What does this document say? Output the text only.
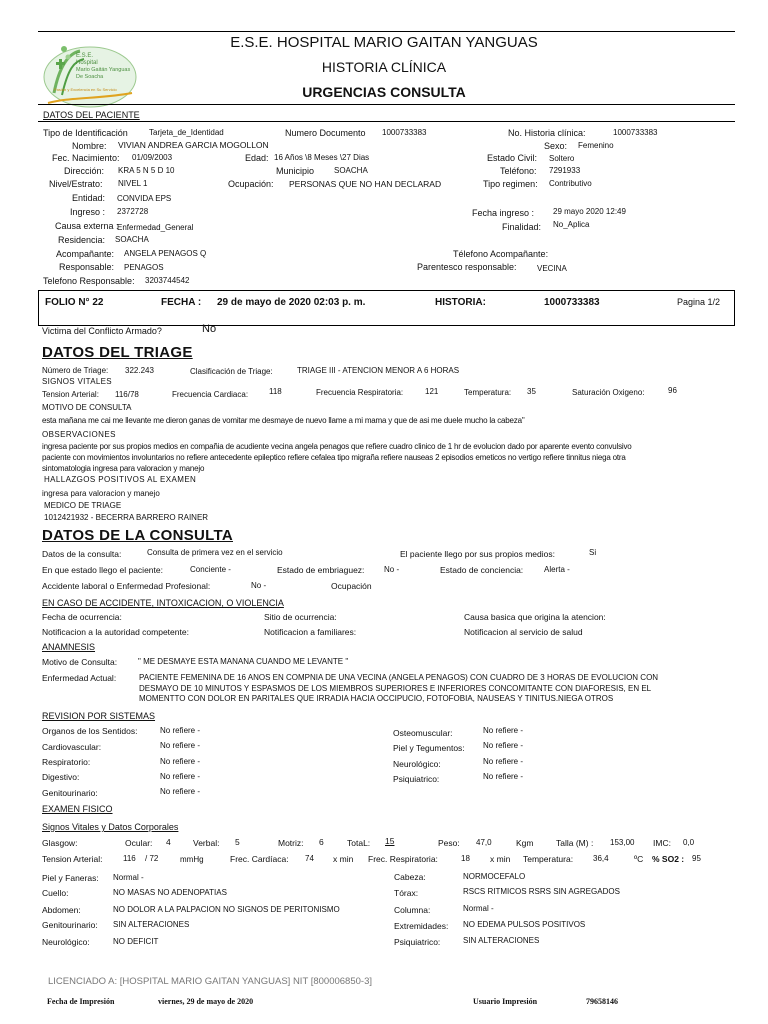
E.S.E.
Hospital
Mario Gaitán Yanguas
De Soacha
Pasión y Excelencia en Su Servicio
E.S.E. HOSPITAL MARIO GAITAN YANGUAS
HISTORIA CLÍNICA
URGENCIAS CONSULTA
DATOS DEL PACIENTE
Tipo de Identificación	Tarjeta_de_Identidad	Numero Documento 1000733383	No. Historia clínica:	1000733383
Nombre: VIVIAN ANDREA GARCIA MOGOLLON	Sexo: Femenino
Fec. Nacimiento: 01/09/2003	Edad: 16 Años \8 Meses \27 Dias	Estado Civil: Soltero
Dirección: KRA 5 N 5 D 10	Municipio SOACHA	Teléfono: 7291933
Nivel/Estrato: NIVEL 1	Ocupación: PERSONAS QUE NO HAN DECLARAD	Tipo regimen: Contributivo
Entidad: CONVIDA EPS
Ingreso : 2372728	Fecha ingreso : 29 mayo 2020 12:49
Causa externa :
Enfermedad_General	Finalidad: No_Aplica
Residencia: SOACHA
Acompañante: ANGELA PENAGOS Q	Télefono Acompañante:
Responsable: PENAGOS	Parentesco responsable:	VECINA
Telefono Responsable: 3203744542
FOLIO N° 22	FECHA : 29 de mayo de 2020 02:03 p. m.	HISTORIA:	1000733383	Pagina 1/2
Victima del Conflicto Armado?	No
DATOS DEL TRIAGE
Número de Triage: 322.243	Clasificación de Triage:	TRIAGE III - ATENCION MENOR A 6 HORAS
SIGNOS VITALES
Tension Arterial: 116/78	Frecuencia Cardiaca:	118	Frecuencia Respiratoria:	121	Temperatura: 35	Saturación Oxigeno:	96
MOTIVO DE CONSULTA
esta mañana me cai me llevante me dieron ganas de vomitar me desmaye de nuevo llame a mi mama y que de asi me duele mucho la cabeza"
OBSERVACIONES
ingresa paciente por sus propios medios en compañia de acudiente vecina angela penagos que refiere cuadro clinico de 1 hr de evolucion dado por aparente evento convulsivo
paciente con movimientos involuntarios no refiere antecedente epileptico refiere cefalea tipo migraña refiere nauseas 2 episodios emeticos no vertigo refiere tinnitus niega otra
sintomatologia ingresa para valoracion y manejo
HALLAZGOS POSITIVOS AL EXAMEN
ingresa para valoracion y manejo
MEDICO DE TRIAGE
1012421932 - BECERRA BARRERO RAINER
DATOS DE LA CONSULTA
Datos de la consulta:	Consulta de primera vez en el servicio	El paciente llego por sus propios medios:	Si
En que estado llego el paciente:	Conciente -	Estado de embriaguez: No -	Estado de conciencia:	Alerta -
Accidente laboral o Enfermedad Profesional:	No -	Ocupación
EN CASO DE ACCIDENTE, INTOXICACION, O VIOLENCIA
Fecha de ocurrencia:	Sitio de ocurrencia:	Causa basica que origina la atencion:
Notificacion a la autoridad competente:	Notificacion a familiares:	Notificacion al servicio de salud
ANAMNESIS
Motivo de Consulta:	" ME DESMAYE ESTA MANANA CUANDO ME LEVANTE "
Enfermedad Actual:	PACIENTE FEMENINA DE 16 ANOS EN COMPNIA DE UNA VECINA (ANGELA PENAGOS) CON CUADRO DE 3 HORAS DE EVOLUCION CON
DESMAYO DE 10 MINUTOS Y ESPASMOS DE LOS MIEMBROS SUPERIORES E INFERIORES CONCOMITANTE CON DIAFORESIS, EN EL
MOMENTTO CON DOLOR EN PARITALES QUE IRRADIA HACIA OCCIPUCIO, FOTOFOBIA, NAUSEAS Y TINITUS.NIEGA OTROS
REVISION POR SISTEMAS
Organos de los Sentidos:	No refiere -
Cardiovascular:	No refiere -
Respiratorio:	No refiere -
Digestivo:	No refiere -
Genitourinario:	No refiere -
Osteomuscular:	No refiere -
Piel y Tegumentos: No refiere -
Neurológico:	No refiere -
Psiquiatrico:	No refiere -
EXAMEN FISICO
Signos Vitales y Datos Corporales
Glasgow:	Ocular: 4	Verbal: 5	Motriz: 6	TotaL: 15	Peso: 47,0	Kgm	Talla (M) : 153,00 IMC: 0,0
Tension Arterial:	116 / 72	mmHg	Frec. Cardíaca: 74 x min Frec. Respiratoria:	18 x min Temperatura: 36,4	ºC % SO2 : 95
Piel y Faneras: Normal -
Cuello:	NO MASAS NO ADENOPATIAS
Abdomen:	NO DOLOR A LA PALPACION NO SIGNOS DE PERITONISMO
Genitourinario: SIN ALTERACIONES
Neurológico:	NO DEFICIT
Cabeza:	NORMOCEFALO
Tórax:	RSCS RITMICOS RSRS SIN AGREGADOS
Columna:	Normal -
Extremidades: NO EDEMA PULSOS POSITIVOS
Psiquiatrico:	SIN ALTERACIONES
LICENCIADO A: [HOSPITAL MARIO GAITAN YANGUAS] NIT [800006850-3]
Fecha de Impresión	viernes, 29 de mayo de 2020	Usuario Impresión	79658146
